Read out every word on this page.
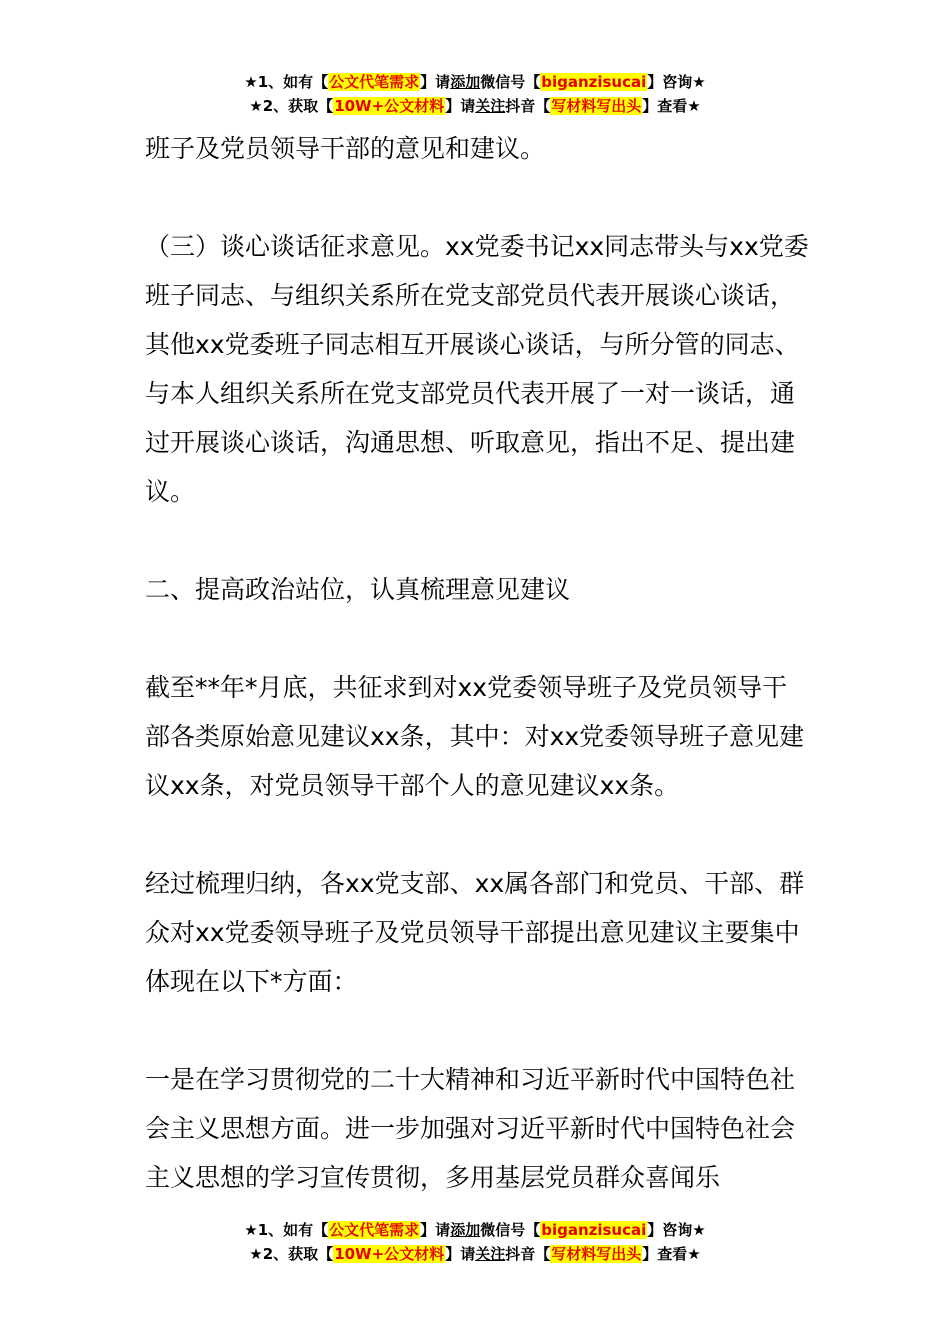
★1、如有【公文代笔需求】请添加微信号【biganzisucai】咨询★
★2、获取【10W+公文材料】请关注抖音【写材料写出头】查看★

班子及党员领导干部的意见和建议。

（三）谈心谈话征求意见。xx党委书记xx同志带头与xx党委班子同志、与组织关系所在党支部党员代表开展谈心谈话，其他xx党委班子同志相互开展谈心谈话，与所分管的同志、与本人组织关系所在党支部党员代表开展了一对一谈话，通过开展谈心谈话，沟通思想、听取意见，指出不足、提出建议。

二、提高政治站位，认真梳理意见建议

截至**年*月底，共征求到对xx党委领导班子及党员领导干部各类原始意见建议xx条，其中：对xx党委领导班子意见建议xx条，对党员领导干部个人的意见建议xx条。

经过梳理归纳，各xx党支部、xx属各部门和党员、干部、群众对xx党委领导班子及党员领导干部提出意见建议主要集中体现在以下*方面：

一是在学习贯彻党的二十大精神和习近平新时代中国特色社会主义思想方面。进一步加强对习近平新时代中国特色社会主义思想的学习宣传贯彻，多用基层党员群众喜闻乐

★1、如有【公文代笔需求】请添加微信号【biganzisucai】咨询★
★2、获取【10W+公文材料】请关注抖音【写材料写出头】查看★
